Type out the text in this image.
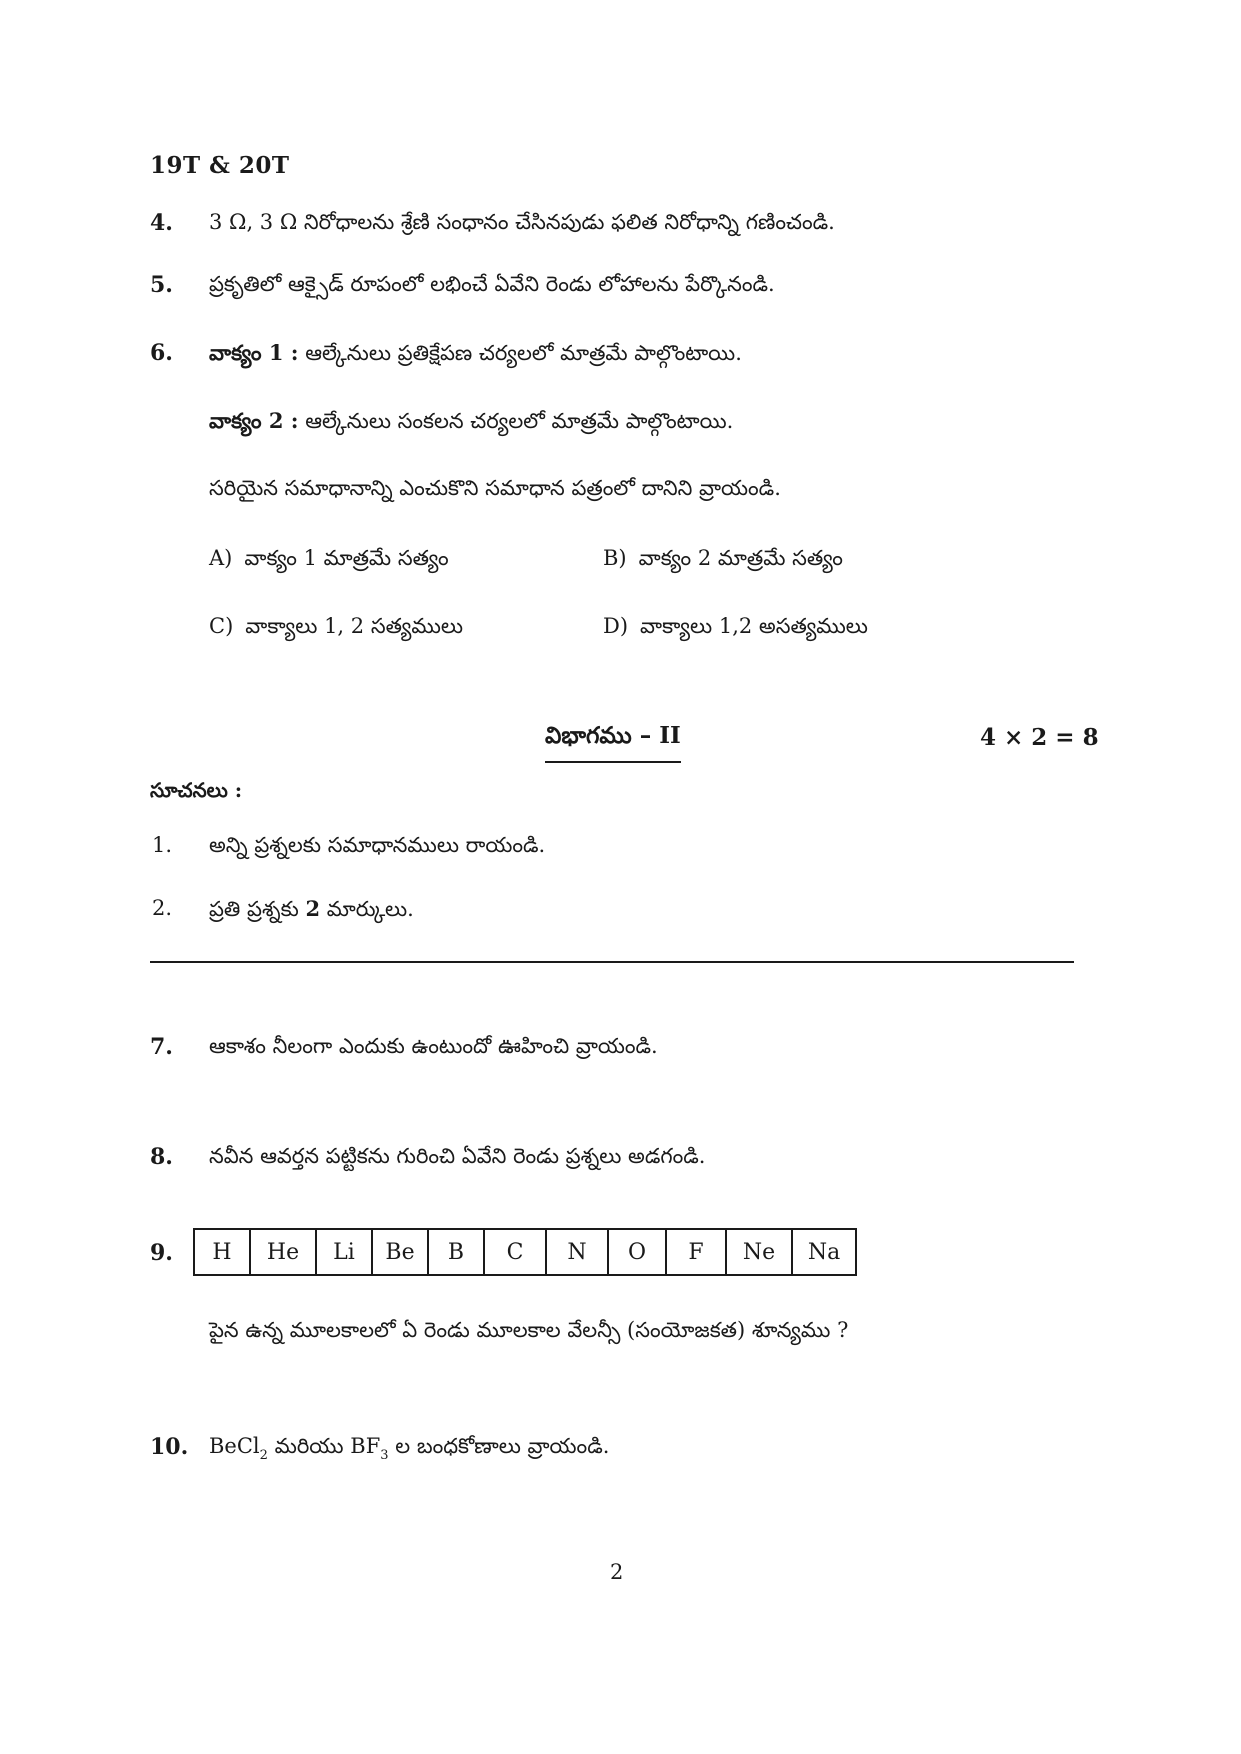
19T & 20T
4. 3 Ω, 3 Ω నిరోధాలను శ్రేణి సంధానం చేసినపుడు ఫలిత నిరోధాన్ని గణించండి.
5. ప్రకృతిలో ఆక్సైడ్ రూపంలో లభించే ఏవేని రెండు లోహాలను పేర్కొనండి.
6. వాక్యం 1 : ఆల్కేనులు ప్రతిక్షేపణ చర్యలలో మాత్రమే పాల్గొంటాయి.
వాక్యం 2 : ఆల్కేనులు సంకలన చర్యలలో మాత్రమే పాల్గొంటాయి.
సరియైన సమాధానాన్ని ఎంచుకొని సమాధాన పత్రంలో దానిని వ్రాయండి.
A) వాక్యం 1 మాత్రమే సత్యం	B) వాక్యం 2 మాత్రమే సత్యం
C) వాక్యాలు 1, 2 సత్యములు	D) వాక్యాలు 1,2 అసత్యములు
విభాగము – II	4 × 2 = 8
సూచనలు :
1. అన్ని ప్రశ్నలకు సమాధానములు రాయండి.
2. ప్రతి ప్రశ్నకు 2 మార్కులు.
7. ఆకాశం నీలంగా ఎందుకు ఉంటుందో ఊహించి వ్రాయండి.
8. నవీన ఆవర్తన పట్టికను గురించి ఏవేని రెండు ప్రశ్నలు అడగండి.
9. H	He	Li	Be	B	C	N	O	F	Ne	Na
పైన ఉన్న మూలకాలలో ఏ రెండు మూలకాల వేలన్సీ (సంయోజకత) శూన్యము ?
10. BeCl$_2$ మరియు $BF_3$ ల బంధకోణాలు వ్రాయండి.
2
